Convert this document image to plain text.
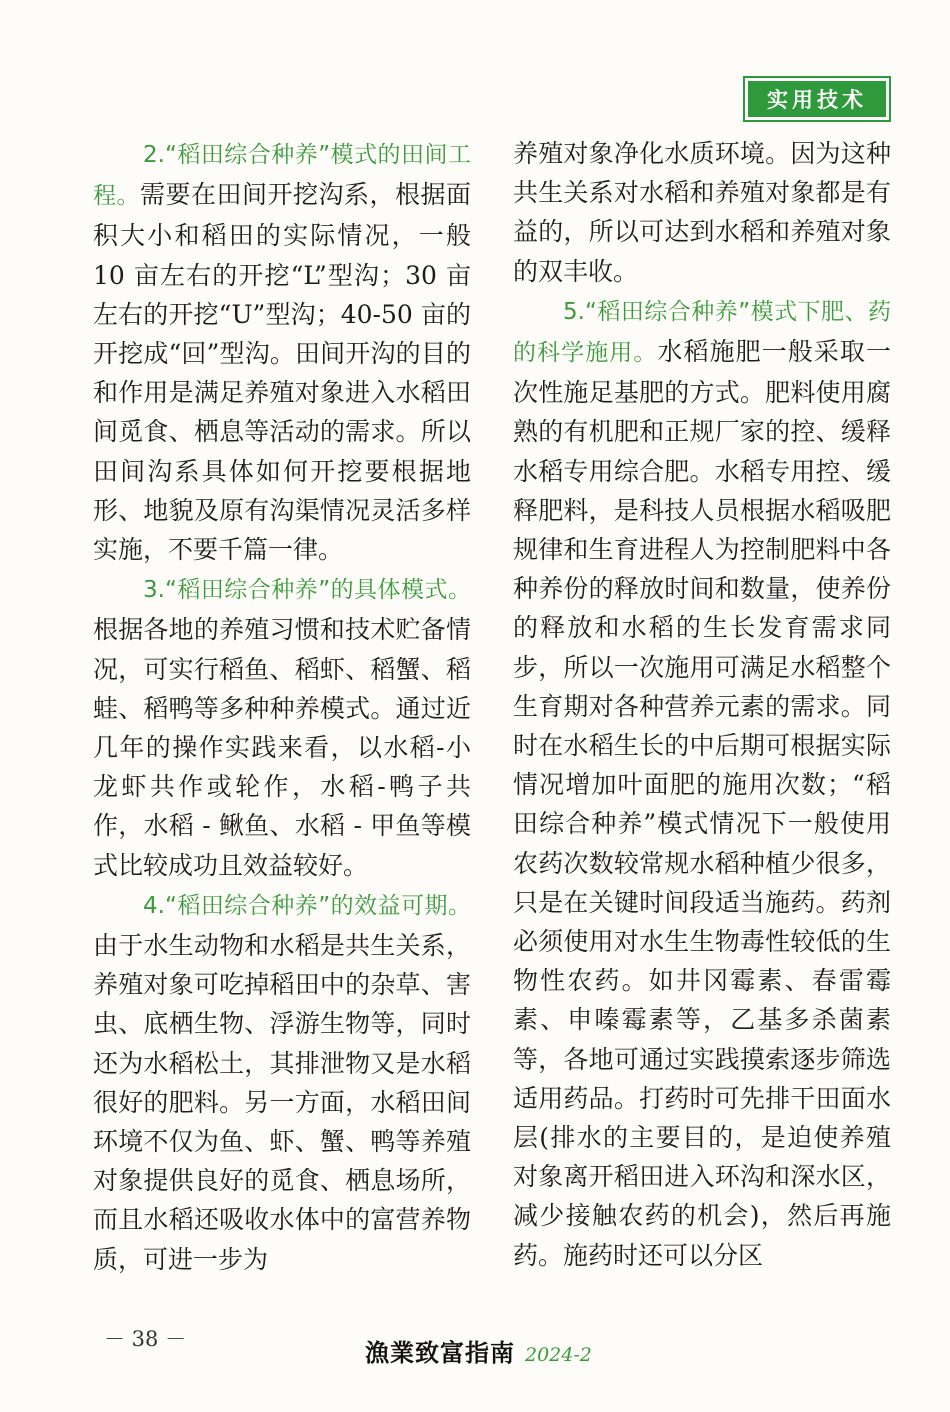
实用技术

2.“稻田综合种养”模式的田间工程。需要在田间开挖沟系，根据面积大小和稻田的实际情况，一般 10 亩左右的开挖“L”型沟；30 亩左右的开挖“U”型沟；40-50 亩的开挖成“回”型沟。田间开沟的目的和作用是满足养殖对象进入水稻田间觅食、栖息等活动的需求。所以田间沟系具体如何开挖要根据地形、地貌及原有沟渠情况灵活多样实施，不要千篇一律。

3.“稻田综合种养”的具体模式。根据各地的养殖习惯和技术贮备情况，可实行稻鱼、稻虾、稻蟹、稻蛙、稻鸭等多种种养模式。通过近几年的操作实践来看，以水稻-小龙虾共作或轮作，水稻-鸭子共作，水稻 - 鳅鱼、水稻 - 甲鱼等模式比较成功且效益较好。

4.“稻田综合种养”的效益可期。由于水生动物和水稻是共生关系，养殖对象可吃掉稻田中的杂草、害虫、底栖生物、浮游生物等，同时还为水稻松土，其排泄物又是水稻很好的肥料。另一方面，水稻田间环境不仅为鱼、虾、蟹、鸭等养殖对象提供良好的觅食、栖息场所，而且水稻还吸收水体中的富营养物质，可进一步为

养殖对象净化水质环境。因为这种共生关系对水稻和养殖对象都是有益的，所以可达到水稻和养殖对象的双丰收。

5.“稻田综合种养”模式下肥、药的科学施用。水稻施肥一般采取一次性施足基肥的方式。肥料使用腐熟的有机肥和正规厂家的控、缓释水稻专用综合肥。水稻专用控、缓释肥料，是科技人员根据水稻吸肥规律和生育进程人为控制肥料中各种养份的释放时间和数量，使养份的释放和水稻的生长发育需求同步，所以一次施用可满足水稻整个生育期对各种营养元素的需求。同时在水稻生长的中后期可根据实际情况增加叶面肥的施用次数；“稻田综合种养”模式情况下一般使用农药次数较常规水稻种植少很多，只是在关键时间段适当施药。药剂必须使用对水生生物毒性较低的生物性农药。如井冈霉素、春雷霉素、申嗪霉素等，乙基多杀菌素等，各地可通过实践摸索逐步筛选适用药品。打药时可先排干田面水层(排水的主要目的，是迫使养殖对象离开稻田进入环沟和深水区，减少接触农药的机会)，然后再施药。施药时还可以分区

－ 38 －	漁業致富指南 2024-2
